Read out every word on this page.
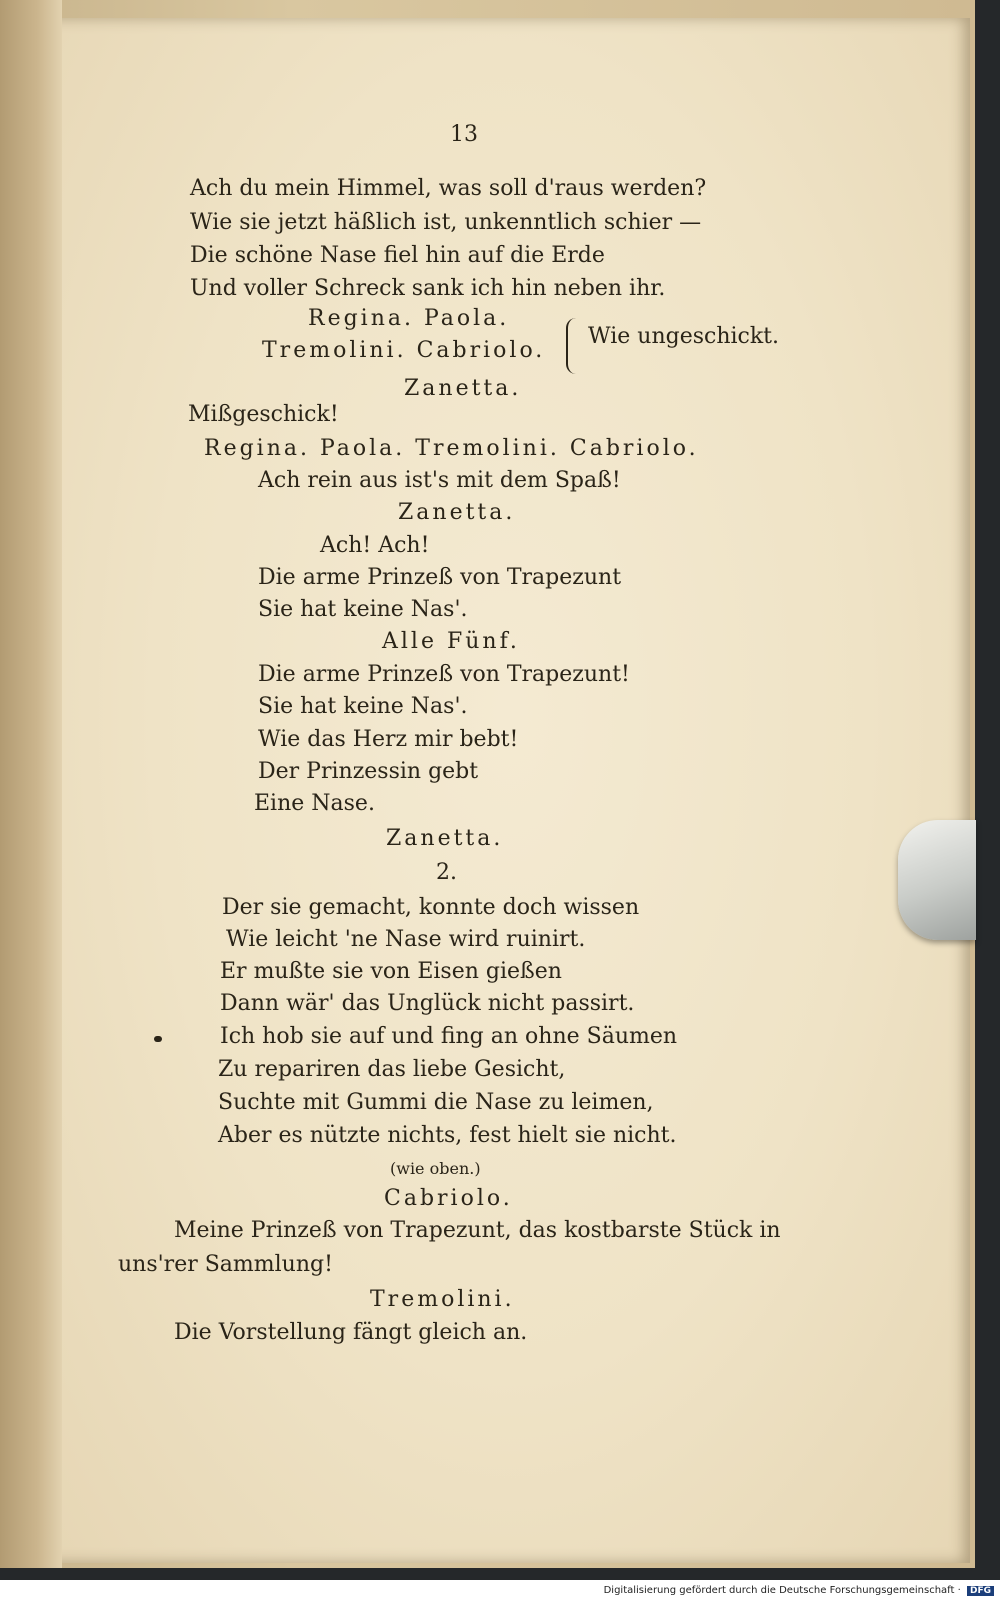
13
Ach du mein Himmel, was soll d'raus werden?
Wie sie jetzt häßlich ist, unkenntlich schier —
Die schöne Nase fiel hin auf die Erde
Und voller Schreck sank ich hin neben ihr.
Regina. Paola.
Tremolini. Cabriolo.
Wie ungeschickt.
Zanetta.
Mißgeschick!
Regina. Paola. Tremolini. Cabriolo.
Ach rein aus ist's mit dem Spaß!
Zanetta.
Ach! Ach!
Die arme Prinzeß von Trapezunt
Sie hat keine Nas'.
Alle Fünf.
Die arme Prinzeß von Trapezunt!
Sie hat keine Nas'.
Wie das Herz mir bebt!
Der Prinzessin gebt
Eine Nase.
Zanetta.
2.
Der sie gemacht, konnte doch wissen
Wie leicht 'ne Nase wird ruinirt.
Er mußte sie von Eisen gießen
Dann wär' das Unglück nicht passirt.
Ich hob sie auf und fing an ohne Säumen
Zu repariren das liebe Gesicht,
Suchte mit Gummi die Nase zu leimen,
Aber es nützte nichts, fest hielt sie nicht.
(wie oben.)
Cabriolo.
Meine Prinzeß von Trapezunt, das kostbarste Stück in
uns'rer Sammlung!
Tremolini.
Die Vorstellung fängt gleich an.
Digitalisierung gefördert durch die Deutsche Forschungsgemeinschaft · DFG
